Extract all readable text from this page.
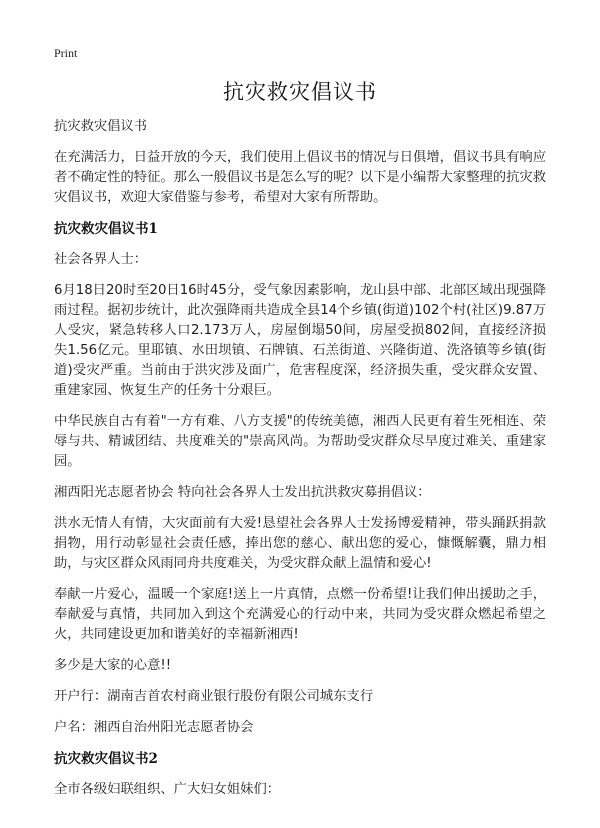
Print
抗灾救灾倡议书

抗灾救灾倡议书

在充满活力，日益开放的今天，我们使用上倡议书的情况与日俱增，倡议书具有响应者不确定性的特征。那么一般倡议书是怎么写的呢？以下是小编帮大家整理的抗灾救灾倡议书，欢迎大家借鉴与参考，希望对大家有所帮助。

抗灾救灾倡议书1

社会各界人士：

6月18日20时至20日16时45分，受气象因素影响，龙山县中部、北部区域出现强降雨过程。据初步统计，此次强降雨共造成全县14个乡镇(街道)102个村(社区)9.87万人受灾，紧急转移人口2.173万人，房屋倒塌50间，房屋受损802间，直接经济损失1.56亿元。里耶镇、水田坝镇、石牌镇、石羔街道、兴隆街道、洗洛镇等乡镇(街道)受灾严重。当前由于洪灾涉及面广，危害程度深，经济损失重，受灾群众安置、重建家园、恢复生产的任务十分艰巨。

中华民族自古有着"一方有难、八方支援"的传统美德，湘西人民更有着生死相连、荣辱与共、精诚团结、共度难关的"崇高风尚。为帮助受灾群众尽早度过难关、重建家园。

湘西阳光志愿者协会 特向社会各界人士发出抗洪救灾募捐倡议：

洪水无情人有情，大灾面前有大爱!恳望社会各界人士发扬博爱精神，带头踊跃捐款捐物，用行动彰显社会责任感，捧出您的慈心、献出您的爱心，慷慨解囊，鼎力相助，与灾区群众风雨同舟共度难关，为受灾群众献上温情和爱心!

奉献一片爱心，温暖一个家庭!送上一片真情，点燃一份希望!让我们伸出援助之手，奉献爱与真情，共同加入到这个充满爱心的行动中来，共同为受灾群众燃起希望之火，共同建设更加和谐美好的幸福新湘西!

多少是大家的心意!!

开户行：湖南吉首农村商业银行股份有限公司城东支行

户名：湘西自治州阳光志愿者协会

抗灾救灾倡议书2

全市各级妇联组织、广大妇女姐妹们：
